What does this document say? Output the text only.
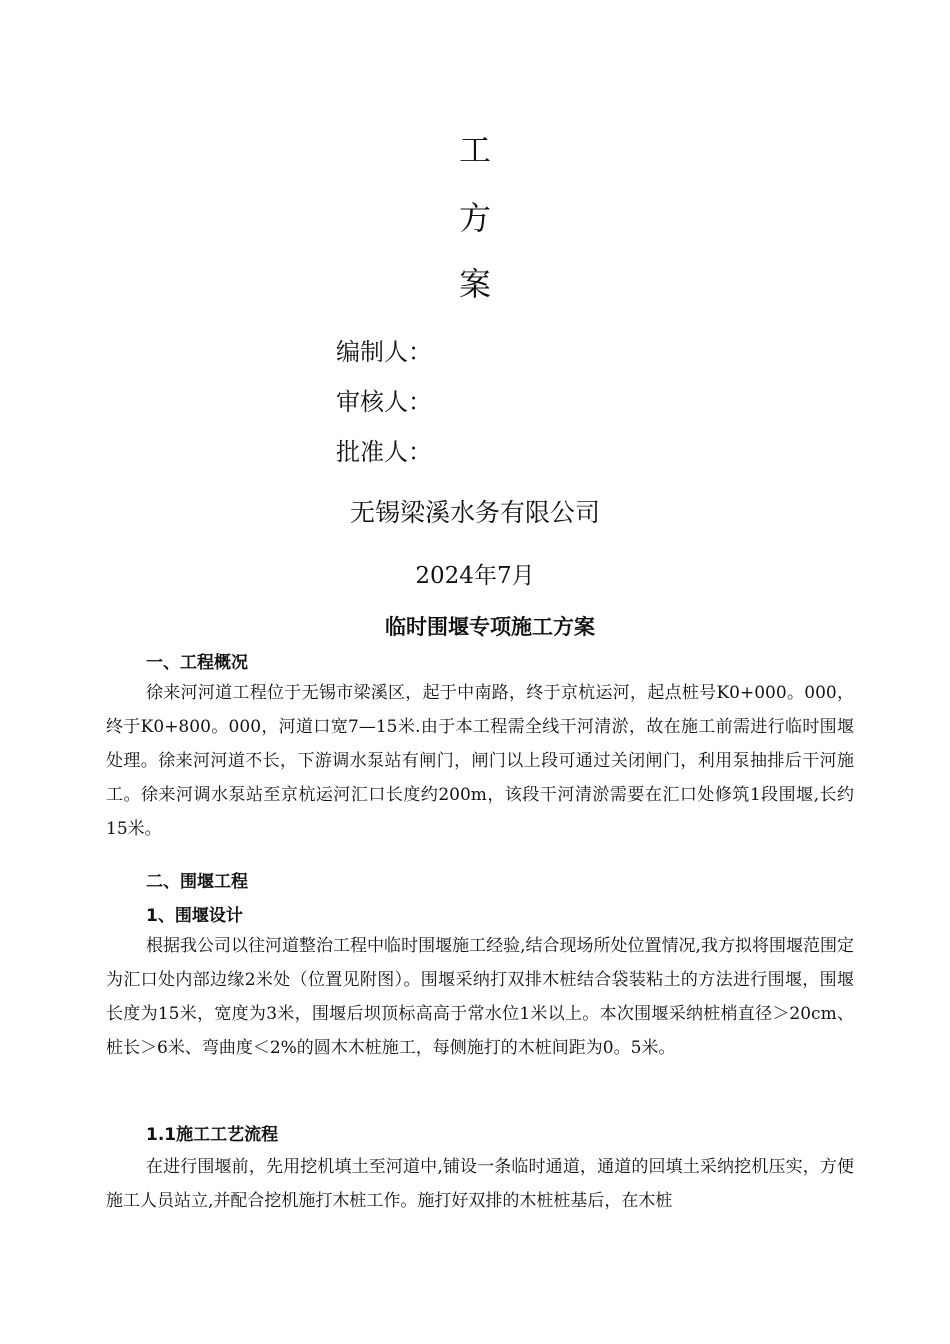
工
方
案
编制人：
审核人：
批准人：
无锡梁溪水务有限公司
2024年7月
临时围堰专项施工方案
一、工程概况

徐来河河道工程位于无锡市梁溪区，起于中南路，终于京杭运河，起点桩号K0+000。000，终于K0+800。000，河道口宽7—15米.由于本工程需全线干河清淤，故在施工前需进行临时围堰处理。徐来河河道不长，下游调水泵站有闸门，闸门以上段可通过关闭闸门，利用泵抽排后干河施工。徐来河调水泵站至京杭运河汇口长度约200m，该段干河清淤需要在汇口处修筑1段围堰,长约15米。

二、围堰工程
1、围堰设计

根据我公司以往河道整治工程中临时围堰施工经验,结合现场所处位置情况,我方拟将围堰范围定为汇口处内部边缘2米处（位置见附图）。围堰采纳打双排木桩结合袋装粘土的方法进行围堰，围堰长度为15米，宽度为3米，围堰后坝顶标高高于常水位1米以上。本次围堰采纳桩梢直径＞20cm、桩长＞6米、弯曲度＜2%的圆木木桩施工，每侧施打的木桩间距为0。5米。

1.1施工工艺流程

在进行围堰前，先用挖机填土至河道中,铺设一条临时通道，通道的回填土采纳挖机压实，方便施工人员站立,并配合挖机施打木桩工作。施打好双排的木桩桩基后，在木桩
